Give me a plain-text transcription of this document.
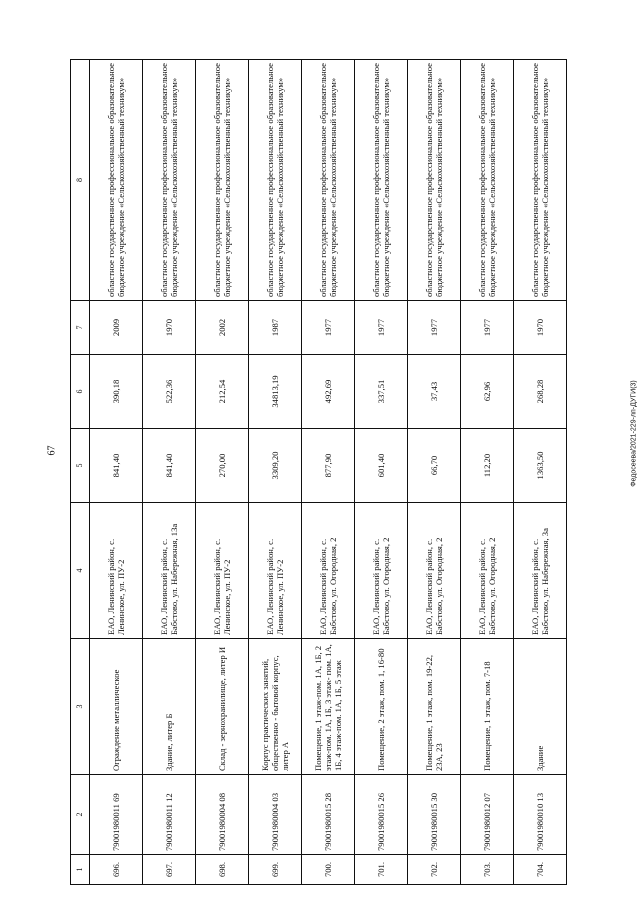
67
1	2	3	4	5	6	7	8
696.	79001980011 69	Ограждение металлическое	ЕАО, Ленинский район, с. Ленинское, ул. ПУ-2	841,40	390,18	2009	областное государственное профессиональное образовательное бюджетное учреждение «Сельскохозяйственный техникум»
697.	79001980011 12	Здание, литер Б	ЕАО, Ленинский район, с. Бабстово, ул. Набережная, 13а	841,40	522,36	1970	областное государственное профессиональное образовательное бюджетное учреждение «Сельскохозяйственный техникум»
698.	79001980004 08	Склад - зернохранилище, литер И	ЕАО, Ленинский район, с. Ленинское, ул. ПУ-2	270,00	212,54	2002	областное государственное профессиональное образовательное бюджетное учреждение «Сельскохозяйственный техникум»
699.	79001980004 03	Корпус практических занятий, общественно - бытовой корпус, литер А	ЕАО, Ленинский район, с. Ленинское, ул. ПУ-2	3309,20	34813,19	1987	областное государственное профессиональное образовательное бюджетное учреждение «Сельскохозяйственный техникум»
700.	79001980015 28	Помещение, 1 этаж-пом. 1А, 1Б, 2 этаж-пом. 1А, 1Б, 3 этаж- пом. 1А, 1Б, 4 этаж-пом. 1А, 1Б, 5 этаж	ЕАО, Ленинский район, с. Бабстово, ул. Огородная, 2	877,90	492,69	1977	областное государственное профессиональное образовательное бюджетное учреждение «Сельскохозяйственный техникум»
701.	79001980015 26	Помещение, 2 этаж, пом. 1, 16-80	ЕАО, Ленинский район, с. Бабстово, ул. Огородная, 2	601,40	337,51	1977	областное государственное профессиональное образовательное бюджетное учреждение «Сельскохозяйственный техникум»
702.	79001980015 30	Помещение, 1 этаж, пом. 19-22, 23А, 23	ЕАО, Ленинский район, с. Бабстово, ул. Огородная, 2	66,70	37,43	1977	областное государственное профессиональное образовательное бюджетное учреждение «Сельскохозяйственный техникум»
703.	79001980012 07	Помещение, 1 этаж, пом. 7-18	ЕАО, Ленинский район, с. Бабстово, ул. Огородная, 2	112,20	62,96	1977	областное государственное профессиональное образовательное бюджетное учреждение «Сельскохозяйственный техникум»
704.	79001980010 13	Здание	ЕАО, Ленинский район, с. Бабстово, ул. Набережная, 3а	1363,50	268,28	1970	областное государственное профессиональное образовательное бюджетное учреждение «Сельскохозяйственный техникум»
Федосеева/2021-229-лп-ДУГИ(3)
